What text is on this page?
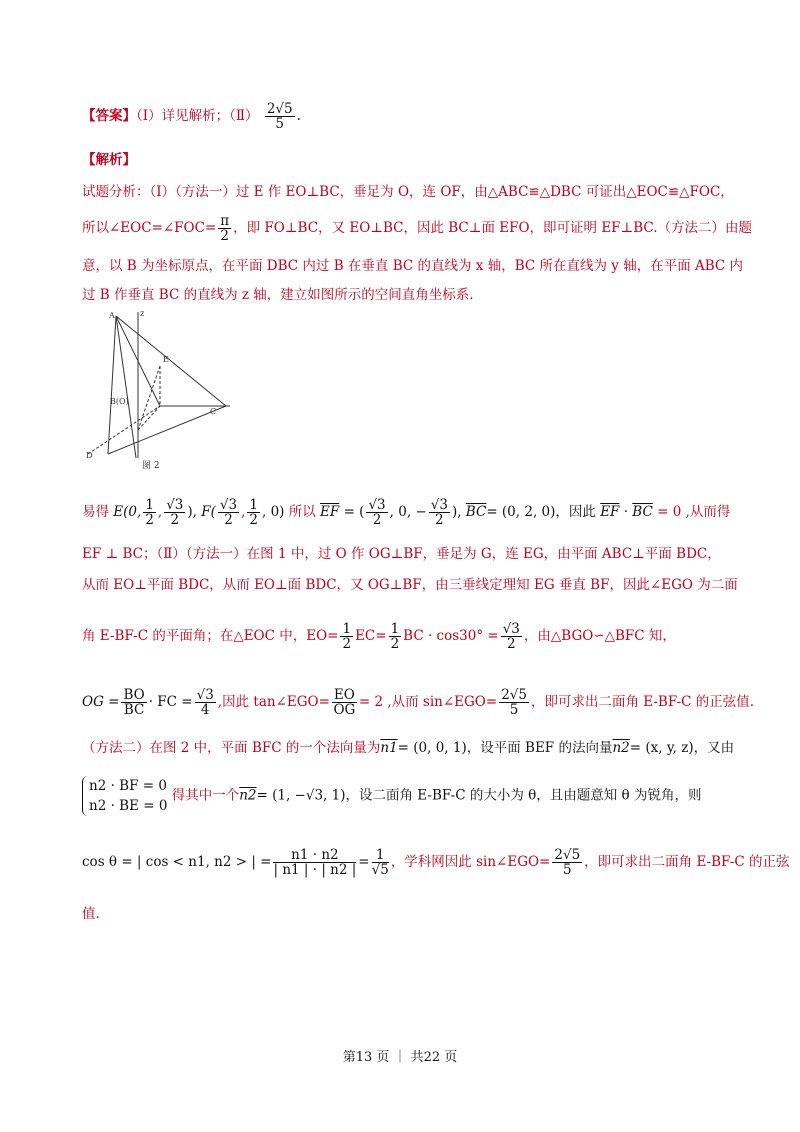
【答案】（Ⅰ）详见解析；（Ⅱ） $\frac{2√5}{5}$ .
【解析】
试题分析：（Ⅰ）（方法一）过 E 作 EO⊥BC，垂足为 O，连 OF，由△ABC≌△DBC 可证出△EOC≌△FOC，
所以∠EOC=∠FOC= $\frac{\pi}{2}$ ，即 FO⊥BC，又 EO⊥BC，因此 BC⊥面 EFO，即可证明 EF⊥BC.（方法二）由题
意，以 B 为坐标原点，在平面 DBC 内过 B 在垂直 BC 的直线为 x 轴，BC 所在直线为 y 轴，在平面 ABC 内
过 B 作垂直 BC 的直线为 z 轴，建立如图所示的空间直角坐标系.
A	z
E
B(O)
C
D
图 2
易得 E(0, $\frac{1}{2}$ , $\frac{√3}{2}$ ), $F( \frac{√3}{2}$ , $\frac{1}{2}$ , 0) 所以 $\overline{EF}$ = ( $\frac{√3}{2}$ , 0, − $\frac{√3}{2}$ ), $\overline{BC}= (0$, 2, 0)，因此 $\overline{EF} \cdot \overline{BC} = 0$ ,从而得
EF ⊥ BC；（Ⅱ）（方法一）在图 1 中，过 O 作 OG⊥BF，垂足为 G，连 EG，由平面 ABC⊥平面 BDC，
从而 EO⊥平面 BDC，从而 EO⊥面 BDC，又 OG⊥BF，由三垂线定理知 EG 垂直 BF，因此∠EGO 为二面
角 E-BF-C 的平面角；在△EOC 中，$EO= \frac{1}{2} EC= \frac{1}{2}$ BC · $\cos 30^\circ = \frac{√3}{2}$ ，由△BGO∽△BFC 知，
OG = $\frac{BO}{BC}$ · FC = $\frac{√3}{4}$ ,因此 tan∠EGO= $\frac{EO}{OG} = 2$ ,从而 sin∠EGO= $\frac{2√5}{5}$ ，即可求出二面角 E-BF-C 的正弦值.
（方法二）在图 2 中，平面 BFC 的一个法向量为n1= (0, 0, 1)，设平面 BEF 的法向量n2= (x, y, z)，又由
n2 · BF = 0
n2 · BE = 0
得其中一个n2= (1, −√3, 1)，设二面角 E-BF-C 的大小为 θ，且由题意知 θ 为锐角，则
cos θ = | cos < n1, n2 > | = $\frac{n1 \cdot n2}{| n1 | \cdot | n2 |} = \frac{1}{√5}$ ，学科网因此 sin∠EGO= $\frac{2√5}{5}$ ，即可求出二面角 E-BF-C 的正弦
值.
第13 页 ｜ 共22 页
